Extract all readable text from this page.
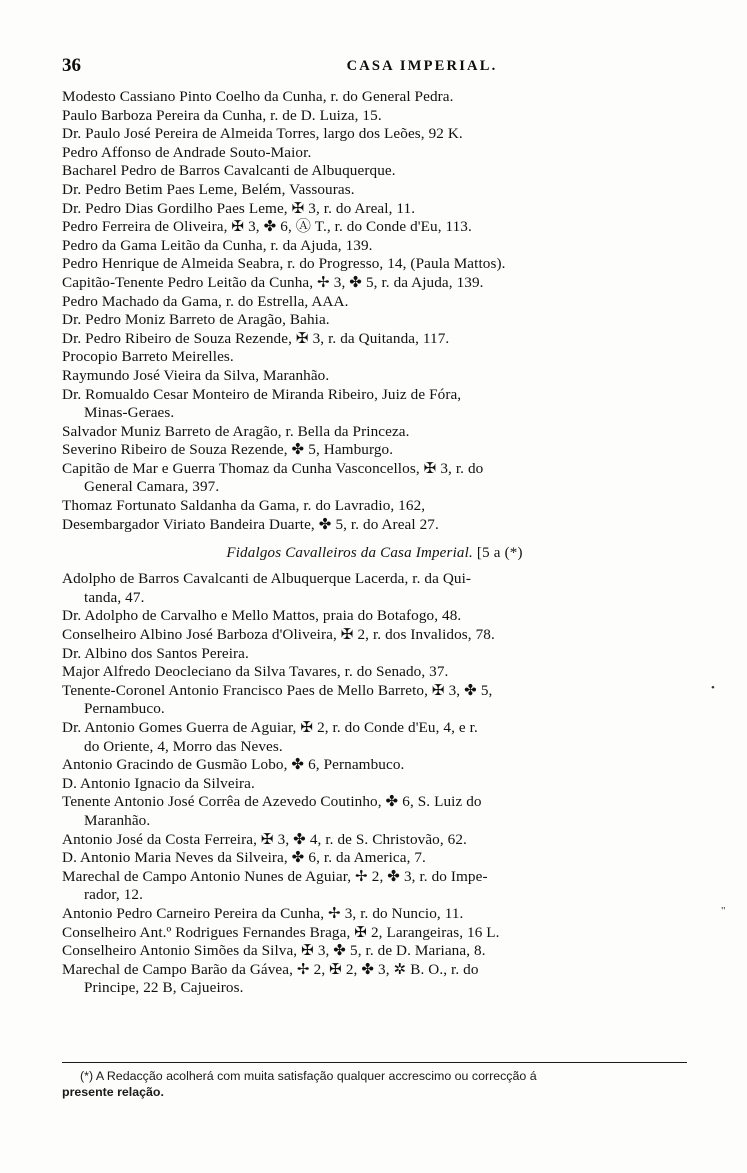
36	CASA IMPERIAL.
Modesto Cassiano Pinto Coelho da Cunha, r. do General Pedra.
Paulo Barboza Pereira da Cunha, r. de D. Luiza, 15.
Dr. Paulo José Pereira de Almeida Torres, largo dos Leões, 92 K.
Pedro Affonso de Andrade Souto-Maior.
Bacharel Pedro de Barros Cavalcanti de Albuquerque.
Dr. Pedro Betim Paes Leme, Belém, Vassouras.
Dr. Pedro Dias Gordilho Paes Leme, ✠ 3, r. do Areal, 11.
Pedro Ferreira de Oliveira, ✠ 3, ✤ 6, Ⓐ T., r. do Conde d'Eu, 113.
Pedro da Gama Leitão da Cunha, r. da Ajuda, 139.
Pedro Henrique de Almeida Seabra, r. do Progresso, 14, (Paula Mattos).
Capitão-Tenente Pedro Leitão da Cunha, ✢ 3, ✤ 5, r. da Ajuda, 139.
Pedro Machado da Gama, r. do Estrella, AAA.
Dr. Pedro Moniz Barreto de Aragão, Bahia.
Dr. Pedro Ribeiro de Souza Rezende, ✠ 3, r. da Quitanda, 117.
Procopio Barreto Meirelles.
Raymundo José Vieira da Silva, Maranhão.
Dr. Romualdo Cesar Monteiro de Miranda Ribeiro, Juiz de Fóra,
Minas-Geraes.
Salvador Muniz Barreto de Aragão, r. Bella da Princeza.
Severino Ribeiro de Souza Rezende, ✤ 5, Hamburgo.
Capitão de Mar e Guerra Thomaz da Cunha Vasconcellos, ✠ 3, r. do
General Camara, 397.
Thomaz Fortunato Saldanha da Gama, r. do Lavradio, 162,
Desembargador Viriato Bandeira Duarte, ✤ 5, r. do Areal 27.
Fidalgos Cavalleiros da Casa Imperial. [5 a (*)
Adolpho de Barros Cavalcanti de Albuquerque Lacerda, r. da Qui-
tanda, 47.
Dr. Adolpho de Carvalho e Mello Mattos, praia do Botafogo, 48.
Conselheiro Albino José Barboza d'Oliveira, ✠ 2, r. dos Invalidos, 78.
Dr. Albino dos Santos Pereira.
Major Alfredo Deocleciano da Silva Tavares, r. do Senado, 37.
Tenente-Coronel Antonio Francisco Paes de Mello Barreto, ✠ 3, ✤ 5,
Pernambuco.
Dr. Antonio Gomes Guerra de Aguiar, ✠ 2, r. do Conde d'Eu, 4, e r.
do Oriente, 4, Morro das Neves.
Antonio Gracindo de Gusmão Lobo, ✤ 6, Pernambuco.
D. Antonio Ignacio da Silveira.
Tenente Antonio José Corrêa de Azevedo Coutinho, ✤ 6, S. Luiz do
Maranhão.
Antonio José da Costa Ferreira, ✠ 3, ✤ 4, r. de S. Christovão, 62.
D. Antonio Maria Neves da Silveira, ✤ 6, r. da America, 7.
Marechal de Campo Antonio Nunes de Aguiar, ✢ 2, ✤ 3, r. do Impe-
rador, 12.
Antonio Pedro Carneiro Pereira da Cunha, ✢ 3, r. do Nuncio, 11.
Conselheiro Ant.º Rodrigues Fernandes Braga, ✠ 2, Larangeiras, 16 L.
Conselheiro Antonio Simões da Silva, ✠ 3, ✤ 5, r. de D. Mariana, 8.
Marechal de Campo Barão da Gávea, ✢ 2, ✠ 2, ✤ 3, ✲ B. O., r. do
Principe, 22 B, Cajueiros.
(*) A Redacção acolherá com muita satisfação qualquer accrescimo ou correcção á
presente relação.
•
"
